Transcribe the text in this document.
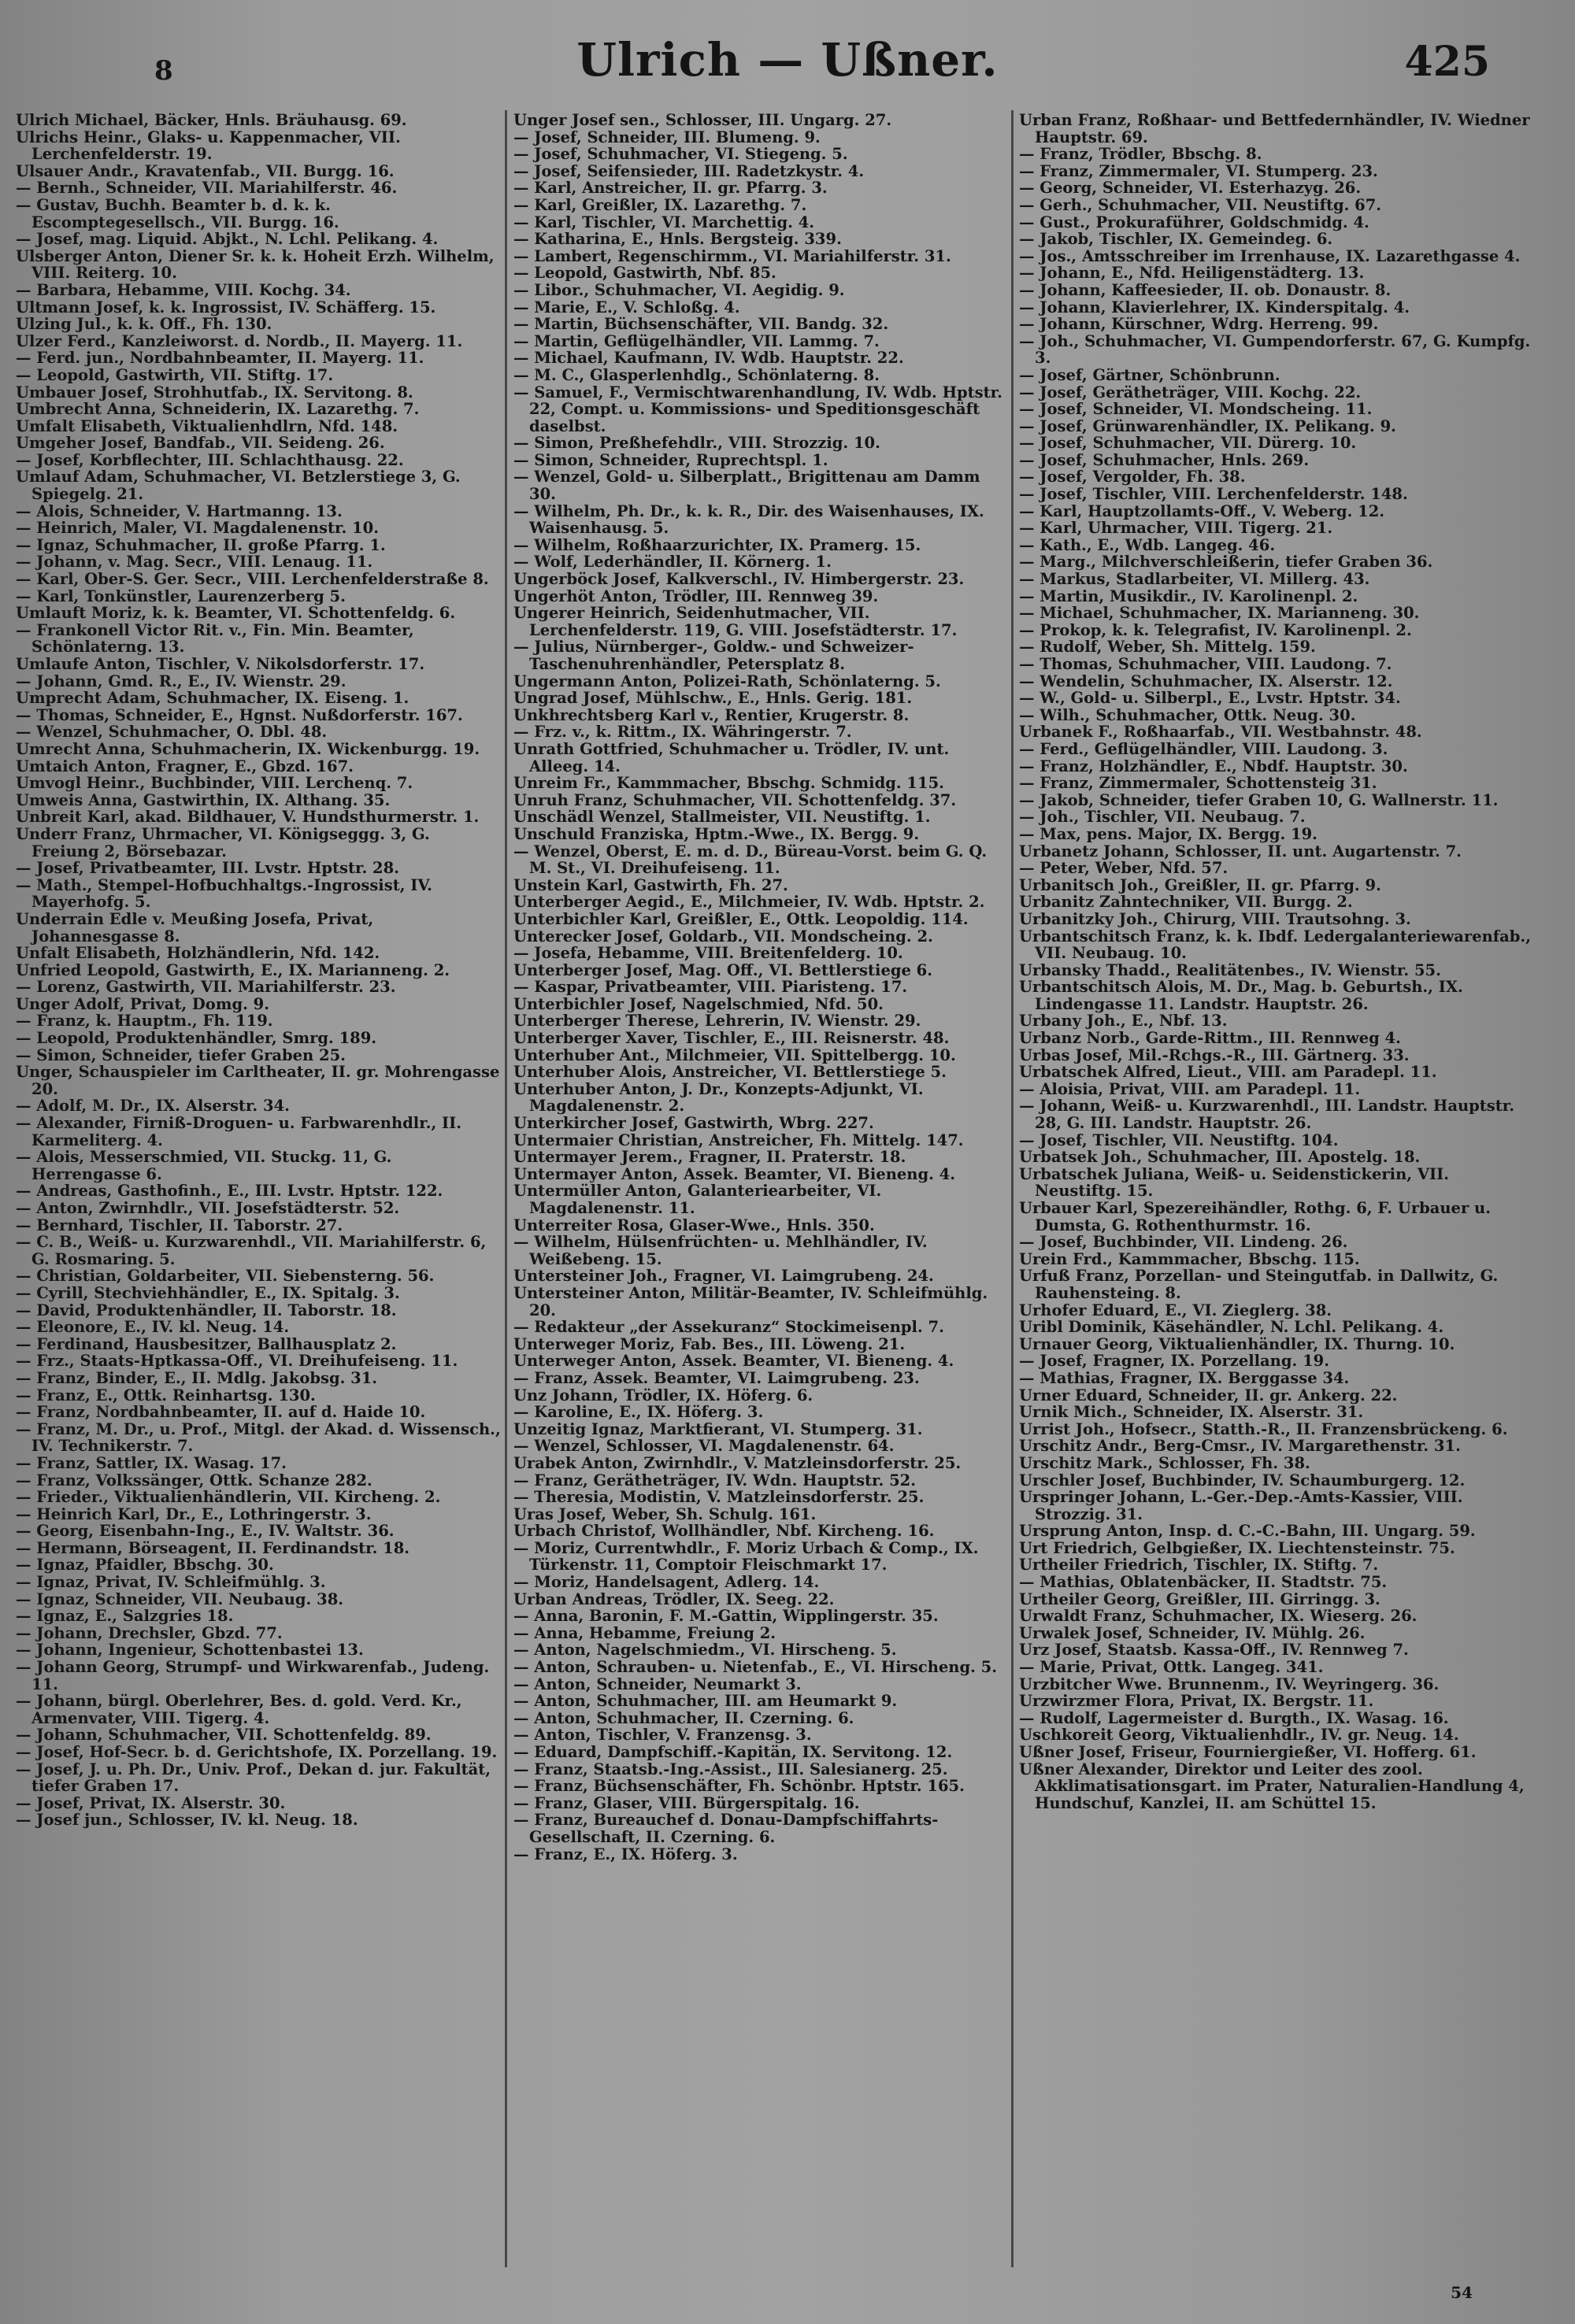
8	Ulrich — Ußner.	425

Ulrich Michael, Bäcker, Hnls. Bräuhausg. 69.

Ulrichs Heinr., Glaks- u. Kappenmacher, VII. Lerchenfelderstr. 19.

Ulsauer Andr., Kravatenfab., VII. Burgg. 16.

— Bernh., Schneider, VII. Mariahilferstr. 46.

— Gustav, Buchh. Beamter b. d. k. k. Escomptegesellsch., VII. Burgg. 16.

— Josef, mag. Liquid. Abjkt., N. Lchl. Pelikang. 4.

Ulsberger Anton, Diener Sr. k. k. Hoheit Erzh. Wilhelm, VIII. Reiterg. 10.

— Barbara, Hebamme, VIII. Kochg. 34.

Ultmann Josef, k. k. Ingrossist, IV. Schäfferg. 15.

Ulzing Jul., k. k. Off., Fh. 130.

Ulzer Ferd., Kanzleiworst. d. Nordb., II. Mayerg. 11.

— Ferd. jun., Nordbahnbeamter, II. Mayerg. 11.

— Leopold, Gastwirth, VII. Stiftg. 17.

Umbauer Josef, Strohhutfab., IX. Servitong. 8.

Umbrecht Anna, Schneiderin, IX. Lazarethg. 7.

Umfalt Elisabeth, Viktualienhdlrn, Nfd. 148.

Umgeher Josef, Bandfab., VII. Seideng. 26.

— Josef, Korbflechter, III. Schlachthausg. 22.

Umlauf Adam, Schuhmacher, VI. Betzlerstiege 3, G. Spiegelg. 21.

— Alois, Schneider, V. Hartmanng. 13.

— Heinrich, Maler, VI. Magdalenenstr. 10.

— Ignaz, Schuhmacher, II. große Pfarrg. 1.

— Johann, v. Mag. Secr., VIII. Lenaug. 11.

— Karl, Ober-S. Ger. Secr., VIII. Lerchenfelderstraße 8.

— Karl, Tonkünstler, Laurenzerberg 5.

Umlauft Moriz, k. k. Beamter, VI. Schottenfeldg. 6.

— Frankonell Victor Rit. v., Fin. Min. Beamter, Schönlaterng. 13.

Umlaufe Anton, Tischler, V. Nikolsdorferstr. 17.

— Johann, Gmd. R., E., IV. Wienstr. 29.

Umprecht Adam, Schuhmacher, IX. Eiseng. 1.

— Thomas, Schneider, E., Hgnst. Nußdorferstr. 167.

— Wenzel, Schuhmacher, O. Dbl. 48.

Umrecht Anna, Schuhmacherin, IX. Wickenburgg. 19.

Umtaich Anton, Fragner, E., Gbzd. 167.

Umvogl Heinr., Buchbinder, VIII. Lerchenq. 7.

Umweis Anna, Gastwirthin, IX. Althang. 35.

Unbreit Karl, akad. Bildhauer, V. Hundsthurmerstr. 1.

Underr Franz, Uhrmacher, VI. Königseggg. 3, G. Freiung 2, Börsebazar.

— Josef, Privatbeamter, III. Lvstr. Hptstr. 28.

— Math., Stempel-Hofbuchhaltgs.-Ingrossist, IV. Mayerhofg. 5.

Underrain Edle v. Meußing Josefa, Privat, Johannesgasse 8.

Unfalt Elisabeth, Holzhändlerin, Nfd. 142.

Unfried Leopold, Gastwirth, E., IX. Marianneng. 2.

— Lorenz, Gastwirth, VII. Mariahilferstr. 23.

Unger Adolf, Privat, Domg. 9.

— Franz, k. Hauptm., Fh. 119.

— Leopold, Produktenhändler, Smrg. 189.

— Simon, Schneider, tiefer Graben 25.

Unger, Schauspieler im Carltheater, II. gr. Mohrengasse 20.

— Adolf, M. Dr., IX. Alserstr. 34.

— Alexander, Firniß-Droguen- u. Farbwarenhdlr., II. Karmeliterg. 4.

— Alois, Messerschmied, VII. Stuckg. 11, G. Herrengasse 6.

— Andreas, Gasthofinh., E., III. Lvstr. Hptstr. 122.

— Anton, Zwirnhdlr., VII. Josefstädterstr. 52.

— Bernhard, Tischler, II. Taborstr. 27.

— C. B., Weiß- u. Kurzwarenhdl., VII. Mariahilferstr. 6, G. Rosmaring. 5.

— Christian, Goldarbeiter, VII. Siebensterng. 56.

— Cyrill, Stechviehhändler, E., IX. Spitalg. 3.

— David, Produktenhändler, II. Taborstr. 18.

— Eleonore, E., IV. kl. Neug. 14.

— Ferdinand, Hausbesitzer, Ballhausplatz 2.

— Frz., Staats-Hptkassa-Off., VI. Dreihufeiseng. 11.

— Franz, Binder, E., II. Mdlg. Jakobsg. 31.

— Franz, E., Ottk. Reinhartsg. 130.

— Franz, Nordbahnbeamter, II. auf d. Haide 10.

— Franz, M. Dr., u. Prof., Mitgl. der Akad. d. Wissensch., IV. Technikerstr. 7.

— Franz, Sattler, IX. Wasag. 17.

— Franz, Volkssänger, Ottk. Schanze 282.

— Frieder., Viktualienhändlerin, VII. Kircheng. 2.

— Heinrich Karl, Dr., E., Lothringerstr. 3.

— Georg, Eisenbahn-Ing., E., IV. Waltstr. 36.

— Hermann, Börseagent, II. Ferdinandstr. 18.

— Ignaz, Pfaidler, Bbschg. 30.

— Ignaz, Privat, IV. Schleifmühlg. 3.

— Ignaz, Schneider, VII. Neubaug. 38.

— Ignaz, E., Salzgries 18.

— Johann, Drechsler, Gbzd. 77.

— Johann, Ingenieur, Schottenbastei 13.

— Johann Georg, Strumpf- und Wirkwarenfab., Judeng. 11.

— Johann, bürgl. Oberlehrer, Bes. d. gold. Verd. Kr., Armenvater, VIII. Tigerg. 4.

— Johann, Schuhmacher, VII. Schottenfeldg. 89.

— Josef, Hof-Secr. b. d. Gerichtshofe, IX. Porzellang. 19.

— Josef, J. u. Ph. Dr., Univ. Prof., Dekan d. jur. Fakultät, tiefer Graben 17.

— Josef, Privat, IX. Alserstr. 30.

— Josef jun., Schlosser, IV. kl. Neug. 18.

Unger Josef sen., Schlosser, III. Ungarg. 27.

— Josef, Schneider, III. Blumeng. 9.

— Josef, Schuhmacher, VI. Stiegeng. 5.

— Josef, Seifensieder, III. Radetzkystr. 4.

— Karl, Anstreicher, II. gr. Pfarrg. 3.

— Karl, Greißler, IX. Lazarethg. 7.

— Karl, Tischler, VI. Marchettig. 4.

— Katharina, E., Hnls. Bergsteig. 339.

— Lambert, Regenschirmm., VI. Mariahilferstr. 31.

— Leopold, Gastwirth, Nbf. 85.

— Libor., Schuhmacher, VI. Aegidig. 9.

— Marie, E., V. Schloßg. 4.

— Martin, Büchsenschäfter, VII. Bandg. 32.

— Martin, Geflügelhändler, VII. Lammg. 7.

— Michael, Kaufmann, IV. Wdb. Hauptstr. 22.

— M. C., Glasperlenhdlg., Schönlaterng. 8.

— Samuel, F., Vermischtwarenhandlung, IV. Wdb. Hptstr. 22, Compt. u. Kommissions- und Speditionsgeschäft daselbst.

— Simon, Preßhefehdlr., VIII. Strozzig. 10.

— Simon, Schneider, Ruprechtspl. 1.

— Wenzel, Gold- u. Silberplatt., Brigittenau am Damm 30.

— Wilhelm, Ph. Dr., k. k. R., Dir. des Waisenhauses, IX. Waisenhausg. 5.

— Wilhelm, Roßhaarzurichter, IX. Pramerg. 15.

— Wolf, Lederhändler, II. Körnerg. 1.

Ungerböck Josef, Kalkverschl., IV. Himbergerstr. 23.

Ungerhöt Anton, Trödler, III. Rennweg 39.

Ungerer Heinrich, Seidenhutmacher, VII. Lerchenfelderstr. 119, G. VIII. Josefstädterstr. 17.

— Julius, Nürnberger-, Goldw.- und Schweizer-Taschenuhrenhändler, Petersplatz 8.

Ungermann Anton, Polizei-Rath, Schönlaterng. 5.

Ungrad Josef, Mühlschw., E., Hnls. Gerig. 181.

Unkhrechtsberg Karl v., Rentier, Krugerstr. 8.

— Frz. v., k. Rittm., IX. Währingerstr. 7.

Unrath Gottfried, Schuhmacher u. Trödler, IV. unt. Alleeg. 14.

Unreim Fr., Kammmacher, Bbschg. Schmidg. 115.

Unruh Franz, Schuhmacher, VII. Schottenfeldg. 37.

Unschädl Wenzel, Stallmeister, VII. Neustiftg. 1.

Unschuld Franziska, Hptm.-Wwe., IX. Bergg. 9.

— Wenzel, Oberst, E. m. d. D., Büreau-Vorst. beim G. Q. M. St., VI. Dreihufeiseng. 11.

Unstein Karl, Gastwirth, Fh. 27.

Unterberger Aegid., E., Milchmeier, IV. Wdb. Hptstr. 2.

Unterbichler Karl, Greißler, E., Ottk. Leopoldig. 114.

Unterecker Josef, Goldarb., VII. Mondscheing. 2.

— Josefa, Hebamme, VIII. Breitenfelderg. 10.

Unterberger Josef, Mag. Off., VI. Bettlerstiege 6.

— Kaspar, Privatbeamter, VIII. Piaristeng. 17.

Unterbichler Josef, Nagelschmied, Nfd. 50.

Unterberger Therese, Lehrerin, IV. Wienstr. 29.

Unterberger Xaver, Tischler, E., III. Reisnerstr. 48.

Unterhuber Ant., Milchmeier, VII. Spittelbergg. 10.

Unterhuber Alois, Anstreicher, VI. Bettlerstiege 5.

Unterhuber Anton, J. Dr., Konzepts-Adjunkt, VI. Magdalenenstr. 2.

Unterkircher Josef, Gastwirth, Wbrg. 227.

Untermaier Christian, Anstreicher, Fh. Mittelg. 147.

Untermayer Jerem., Fragner, II. Praterstr. 18.

Untermayer Anton, Assek. Beamter, VI. Bieneng. 4.

Untermüller Anton, Galanteriearbeiter, VI. Magdalenenstr. 11.

Unterreiter Rosa, Glaser-Wwe., Hnls. 350.

— Wilhelm, Hülsenfrüchten- u. Mehlhändler, IV. Weißebeng. 15.

Untersteiner Joh., Fragner, VI. Laimgrubeng. 24.

Untersteiner Anton, Militär-Beamter, IV. Schleifmühlg. 20.

— Redakteur „der Assekuranz“ Stockimeisenpl. 7.

Unterweger Moriz, Fab. Bes., III. Löweng. 21.

Unterweger Anton, Assek. Beamter, VI. Bieneng. 4.

— Franz, Assek. Beamter, VI. Laimgrubeng. 23.

Unz Johann, Trödler, IX. Höferg. 6.

— Karoline, E., IX. Höferg. 3.

Unzeitig Ignaz, Marktfierant, VI. Stumperg. 31.

— Wenzel, Schlosser, VI. Magdalenenstr. 64.

Urabek Anton, Zwirnhdlr., V. Matzleinsdorferstr. 25.

— Franz, Gerätheträger, IV. Wdn. Hauptstr. 52.

— Theresia, Modistin, V. Matzleinsdorferstr. 25.

Uras Josef, Weber, Sh. Schulg. 161.

Urbach Christof, Wollhändler, Nbf. Kircheng. 16.

— Moriz, Currentwhdlr., F. Moriz Urbach & Comp., IX. Türkenstr. 11, Comptoir Fleischmarkt 17.

— Moriz, Handelsagent, Adlerg. 14.

Urban Andreas, Trödler, IX. Seeg. 22.

— Anna, Baronin, F. M.-Gattin, Wipplingerstr. 35.

— Anna, Hebamme, Freiung 2.

— Anton, Nagelschmiedm., VI. Hirscheng. 5.

— Anton, Schrauben- u. Nietenfab., E., VI. Hirscheng. 5.

— Anton, Schneider, Neumarkt 3.

— Anton, Schuhmacher, III. am Heumarkt 9.

— Anton, Schuhmacher, II. Czerning. 6.

— Anton, Tischler, V. Franzensg. 3.

— Eduard, Dampfschiff.-Kapitän, IX. Servitong. 12.

— Franz, Staatsb.-Ing.-Assist., III. Salesianerg. 25.

— Franz, Büchsenschäfter, Fh. Schönbr. Hptstr. 165.

— Franz, Glaser, VIII. Bürgerspitalg. 16.

— Franz, Bureauchef d. Donau-Dampfschiffahrts-Gesellschaft, II. Czerning. 6.

— Franz, E., IX. Höferg. 3.

Urban Franz, Roßhaar- und Bettfedernhändler, IV. Wiedner Hauptstr. 69.

— Franz, Trödler, Bbschg. 8.

— Franz, Zimmermaler, VI. Stumperg. 23.

— Georg, Schneider, VI. Esterhazyg. 26.

— Gerh., Schuhmacher, VII. Neustiftg. 67.

— Gust., Prokuraführer, Goldschmidg. 4.

— Jakob, Tischler, IX. Gemeindeg. 6.

— Jos., Amtsschreiber im Irrenhause, IX. Lazarethgasse 4.

— Johann, E., Nfd. Heiligenstädterg. 13.

— Johann, Kaffeesieder, II. ob. Donaustr. 8.

— Johann, Klavierlehrer, IX. Kinderspitalg. 4.

— Johann, Kürschner, Wdrg. Herreng. 99.

— Joh., Schuhmacher, VI. Gumpendorferstr. 67, G. Kumpfg. 3.

— Josef, Gärtner, Schönbrunn.

— Josef, Gerätheträger, VIII. Kochg. 22.

— Josef, Schneider, VI. Mondscheing. 11.

— Josef, Grünwarenhändler, IX. Pelikang. 9.

— Josef, Schuhmacher, VII. Dürerg. 10.

— Josef, Schuhmacher, Hnls. 269.

— Josef, Vergolder, Fh. 38.

— Josef, Tischler, VIII. Lerchenfelderstr. 148.

— Karl, Hauptzollamts-Off., V. Weberg. 12.

— Karl, Uhrmacher, VIII. Tigerg. 21.

— Kath., E., Wdb. Langeg. 46.

— Marg., Milchverschleißerin, tiefer Graben 36.

— Markus, Stadlarbeiter, VI. Millerg. 43.

— Martin, Musikdir., IV. Karolinenpl. 2.

— Michael, Schuhmacher, IX. Marianneng. 30.

— Prokop, k. k. Telegrafist, IV. Karolinenpl. 2.

— Rudolf, Weber, Sh. Mittelg. 159.

— Thomas, Schuhmacher, VIII. Laudong. 7.

— Wendelin, Schuhmacher, IX. Alserstr. 12.

— W., Gold- u. Silberpl., E., Lvstr. Hptstr. 34.

— Wilh., Schuhmacher, Ottk. Neug. 30.

Urbanek F., Roßhaarfab., VII. Westbahnstr. 48.

— Ferd., Geflügelhändler, VIII. Laudong. 3.

— Franz, Holzhändler, E., Nbdf. Hauptstr. 30.

— Franz, Zimmermaler, Schottensteig 31.

— Jakob, Schneider, tiefer Graben 10, G. Wallnerstr. 11.

— Joh., Tischler, VII. Neubaug. 7.

— Max, pens. Major, IX. Bergg. 19.

Urbanetz Johann, Schlosser, II. unt. Augartenstr. 7.

— Peter, Weber, Nfd. 57.

Urbanitsch Joh., Greißler, II. gr. Pfarrg. 9.

Urbanitz Zahntechniker, VII. Burgg. 2.

Urbanitzky Joh., Chirurg, VIII. Trautsohng. 3.

Urbantschitsch Franz, k. k. Ibdf. Ledergalanteriewarenfab., VII. Neubaug. 10.

Urbansky Thadd., Realitätenbes., IV. Wienstr. 55.

Urbantschitsch Alois, M. Dr., Mag. b. Geburtsh., IX. Lindengasse 11. Landstr. Hauptstr. 26.

Urbany Joh., E., Nbf. 13.

Urbanz Norb., Garde-Rittm., III. Rennweg 4.

Urbas Josef, Mil.-Rchgs.-R., III. Gärtnerg. 33.

Urbatschek Alfred, Lieut., VIII. am Paradepl. 11.

— Aloisia, Privat, VIII. am Paradepl. 11.

— Johann, Weiß- u. Kurzwarenhdl., III. Landstr. Hauptstr. 28, G. III. Landstr. Hauptstr. 26.

— Josef, Tischler, VII. Neustiftg. 104.

Urbatsek Joh., Schuhmacher, III. Apostelg. 18.

Urbatschek Juliana, Weiß- u. Seidenstickerin, VII. Neustiftg. 15.

Urbauer Karl, Spezereihändler, Rothg. 6, F. Urbauer u. Dumsta, G. Rothenthurmstr. 16.

— Josef, Buchbinder, VII. Lindeng. 26.

Urein Frd., Kammmacher, Bbschg. 115.

Urfuß Franz, Porzellan- und Steingutfab. in Dallwitz, G. Rauhensteing. 8.

Urhofer Eduard, E., VI. Zieglerg. 38.

Uribl Dominik, Käsehändler, N. Lchl. Pelikang. 4.

Urnauer Georg, Viktualienhändler, IX. Thurng. 10.

— Josef, Fragner, IX. Porzellang. 19.

— Mathias, Fragner, IX. Berggasse 34.

Urner Eduard, Schneider, II. gr. Ankerg. 22.

Urnik Mich., Schneider, IX. Alserstr. 31.

Urrist Joh., Hofsecr., Statth.-R., II. Franzensbrückeng. 6.

Urschitz Andr., Berg-Cmsr., IV. Margarethenstr. 31.

Urschitz Mark., Schlosser, Fh. 38.

Urschler Josef, Buchbinder, IV. Schaumburgerg. 12.

Urspringer Johann, L.-Ger.-Dep.-Amts-Kassier, VIII. Strozzig. 31.

Ursprung Anton, Insp. d. C.-C.-Bahn, III. Ungarg. 59.

Urt Friedrich, Gelbgießer, IX. Liechtensteinstr. 75.

Urtheiler Friedrich, Tischler, IX. Stiftg. 7.

— Mathias, Oblatenbäcker, II. Stadtstr. 75.

Urtheiler Georg, Greißler, III. Girringg. 3.

Urwaldt Franz, Schuhmacher, IX. Wieserg. 26.

Urwalek Josef, Schneider, IV. Mühlg. 26.

Urz Josef, Staatsb. Kassa-Off., IV. Rennweg 7.

— Marie, Privat, Ottk. Langeg. 341.

Urzbitcher Wwe. Brunnenm., IV. Weyringerg. 36.

Urzwirzmer Flora, Privat, IX. Bergstr. 11.

— Rudolf, Lagermeister d. Burgth., IX. Wasag. 16.

Uschkoreit Georg, Viktualienhdlr., IV. gr. Neug. 14.

Ußner Josef, Friseur, Fourniergießer, VI. Hofferg. 61.

Ußner Alexander, Direktor und Leiter des zool. Akklimatisationsgart. im Prater, Naturalien-Handlung 4, Hundschuf, Kanzlei, II. am Schüttel 15.

54
